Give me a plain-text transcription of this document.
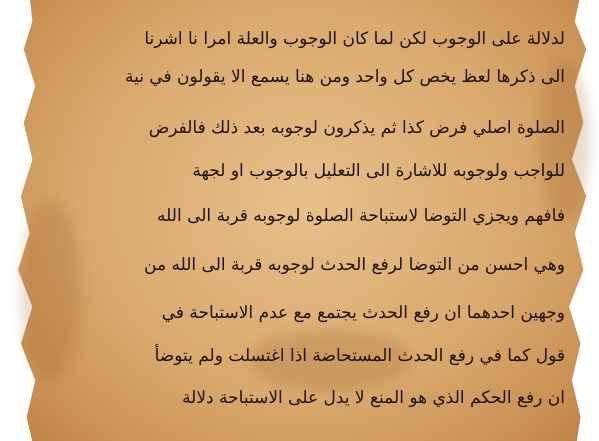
لدلالة على الوجوب لكن لما كان الوجوب والعلة امرا نا اشرنا
الى ذكرها لعظ يخص كل واحد ومن هنا يسمع الا يقولون في نية
الصلوة اصلي فرض كذا ثم يذكرون لوجوبه بعد ذلك فالفرض
للواجب ولوجوبه للاشارة الى التعليل بالوجوب او لجهة
فافهم ويجزي التوضا لاستباحة الصلوة لوجوبه قربة الى الله
وهي احسن من التوضا لرفع الحدث لوجوبه قربة الى الله من
وجهين احدهما ان رفع الحدث يجتمع مع عدم الاستباحة في
قول كما في رفع الحدث المستحاضة اذا اغتسلت ولم يتوضأ
ان رفع الحكم الذي هو المنع لا يدل على الاستباحة دلالة
